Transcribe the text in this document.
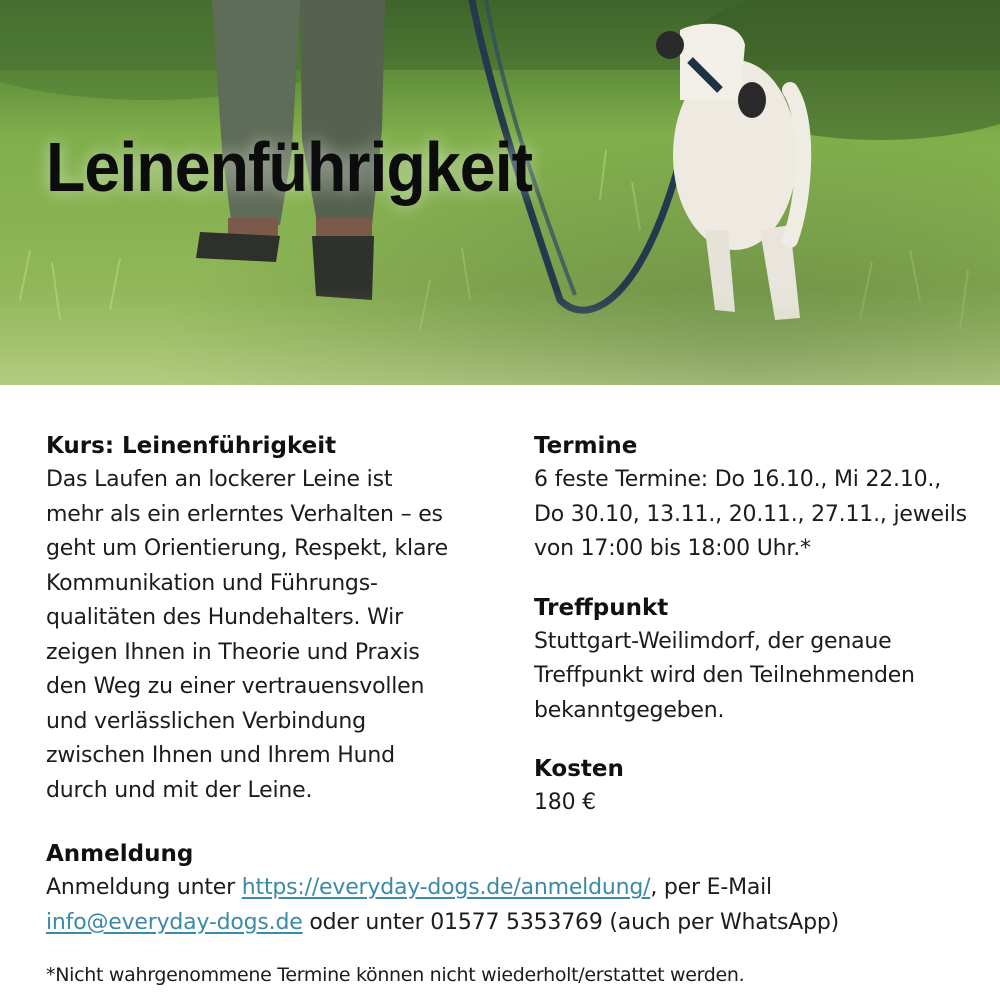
Leinenführigkeit

Kurs: Leinenführigkeit

Das Laufen an lockerer Leine ist
mehr als ein erlerntes Verhalten – es
geht um Orientierung, Respekt, klare
Kommunikation und Führungs-
qualitäten des Hundehalters. Wir
zeigen Ihnen in Theorie und Praxis
den Weg zu einer vertrauensvollen
und verlässlichen Verbindung
zwischen Ihnen und Ihrem Hund
durch und mit der Leine.

Termine

6 feste Termine: Do 16.10., Mi 22.10.,
Do 30.10, 13.11., 20.11., 27.11., jeweils
von 17:00 bis 18:00 Uhr.*

Treffpunkt

Stuttgart-Weilimdorf, der genaue
Treffpunkt wird den Teilnehmenden
bekanntgegeben.

Kosten

180 €

Anmeldung

Anmeldung unter https://everyday-dogs.de/anmeldung/, per E-Mail
info@everyday-dogs.de oder unter 01577 5353769 (auch per WhatsApp)

*Nicht wahrgenommene Termine können nicht wiederholt/erstattet werden.
